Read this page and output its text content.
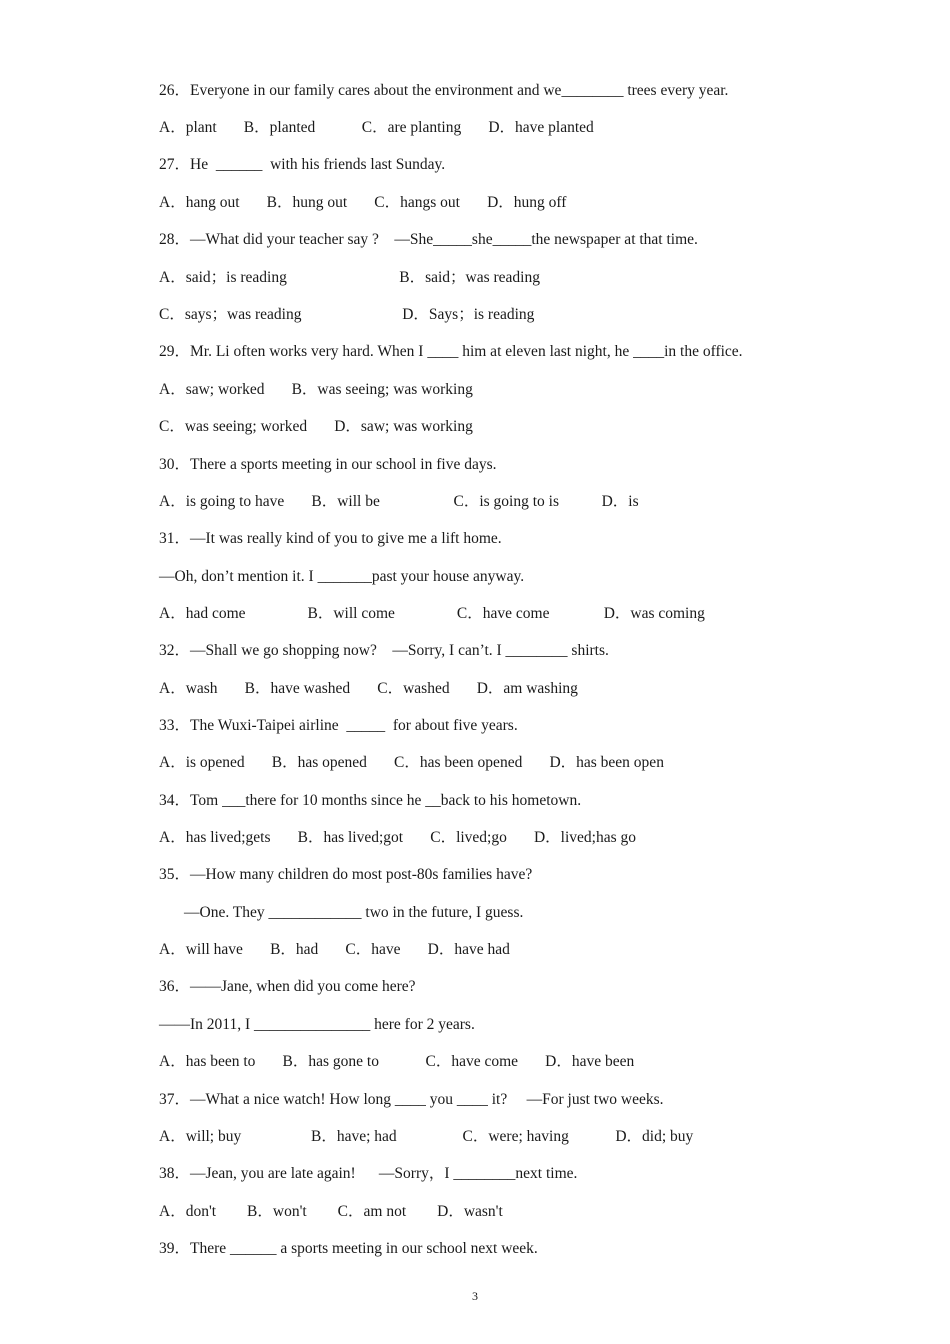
26．Everyone in our family cares about the environment and we________ trees every year.
A．plant       B．planted            C．are planting       D．have planted
27．He  ______  with his friends last Sunday.
A．hang out       B．hung out       C．hangs out       D．hung off
28．—What did your teacher say ?    —She_____she_____the newspaper at that time.
A．said；is reading                             B．said；was reading
C．says；was reading                          D．Says；is reading
29．Mr. Li often works very hard. When I ____ him at eleven last night, he ____in the office.
A．saw; worked       B．was seeing; was working
C．was seeing; worked       D．saw; was working
30．There a sports meeting in our school in five days.
A．is going to have       B．will be                   C．is going to is           D．is
31．—It was really kind of you to give me a lift home.
—Oh, don’t mention it. I _______past your house anyway.
A．had come                B．will come                C．have come              D．was coming
32．—Shall we go shopping now?    —Sorry, I can’t. I ________ shirts.
A．wash       B．have washed       C．washed       D．am washing
33．The Wuxi-Taipei airline  _____  for about five years.
A．is opened       B．has opened       C．has been opened       D．has been open
34．Tom ___there for 10 months since he __back to his hometown.
A．has lived;gets       B．has lived;got       C．lived;go       D．lived;has go
35．—How many children do most post-80s families have?
—One. They ____________ two in the future, I guess.
A．will have       B．had       C．have       D．have had
36．——Jane, when did you come here?
——In 2011, I _______________ here for 2 years.
A．has been to       B．has gone to            C．have come       D．have been
37．—What a nice watch! How long ____ you ____ it?     —For just two weeks.
A．will; buy                  B．have; had                 C．were; having            D．did; buy
38．—Jean, you are late again!      —Sorry，I ________next time.
A．don't        B．won't        C．am not        D．wasn't
39．There ______ a sports meeting in our school next week.
3
